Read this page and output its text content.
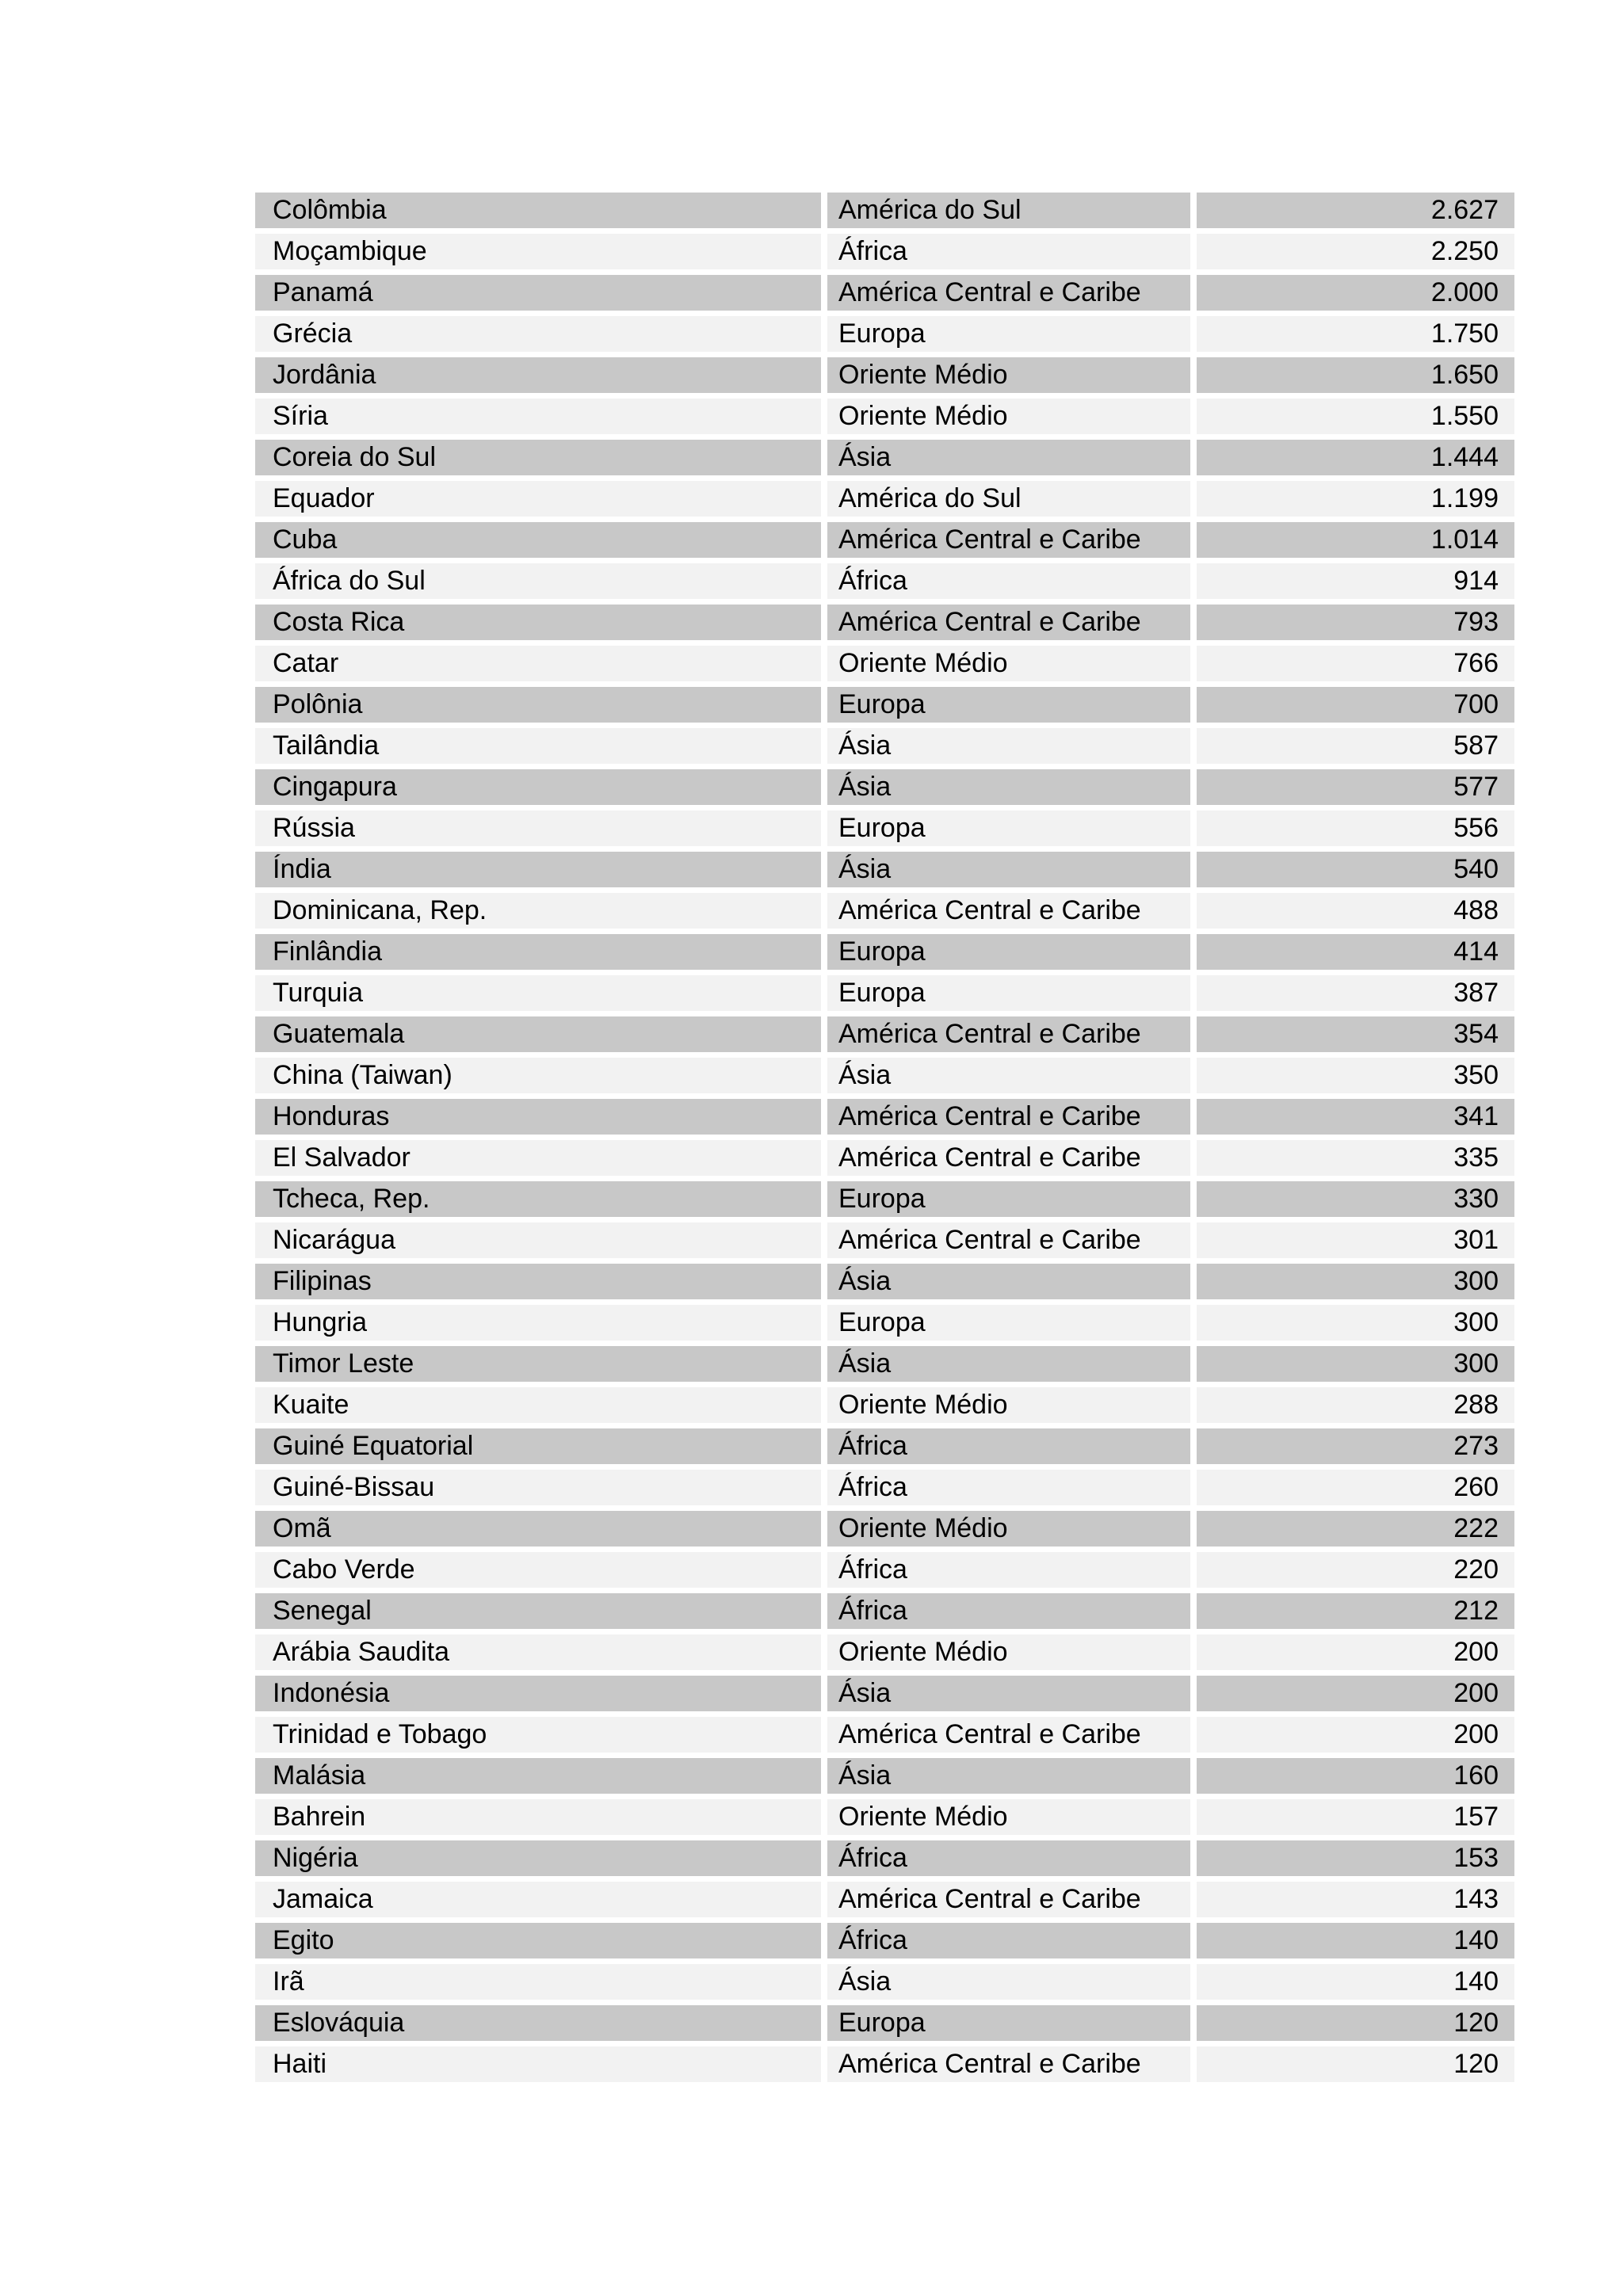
Colômbia	América do Sul	2.627
Moçambique	África	2.250
Panamá	América Central e Caribe	2.000
Grécia	Europa	1.750
Jordânia	Oriente Médio	1.650
Síria	Oriente Médio	1.550
Coreia do Sul	Ásia	1.444
Equador	América do Sul	1.199
Cuba	América Central e Caribe	1.014
África do Sul	África	914
Costa Rica	América Central e Caribe	793
Catar	Oriente Médio	766
Polônia	Europa	700
Tailândia	Ásia	587
Cingapura	Ásia	577
Rússia	Europa	556
Índia	Ásia	540
Dominicana, Rep.	América Central e Caribe	488
Finlândia	Europa	414
Turquia	Europa	387
Guatemala	América Central e Caribe	354
China (Taiwan)	Ásia	350
Honduras	América Central e Caribe	341
El Salvador	América Central e Caribe	335
Tcheca, Rep.	Europa	330
Nicarágua	América Central e Caribe	301
Filipinas	Ásia	300
Hungria	Europa	300
Timor Leste	Ásia	300
Kuaite	Oriente Médio	288
Guiné Equatorial	África	273
Guiné-Bissau	África	260
Omã	Oriente Médio	222
Cabo Verde	África	220
Senegal	África	212
Arábia Saudita	Oriente Médio	200
Indonésia	Ásia	200
Trinidad e Tobago	América Central e Caribe	200
Malásia	Ásia	160
Bahrein	Oriente Médio	157
Nigéria	África	153
Jamaica	América Central e Caribe	143
Egito	África	140
Irã	Ásia	140
Eslováquia	Europa	120
Haiti	América Central e Caribe	120
